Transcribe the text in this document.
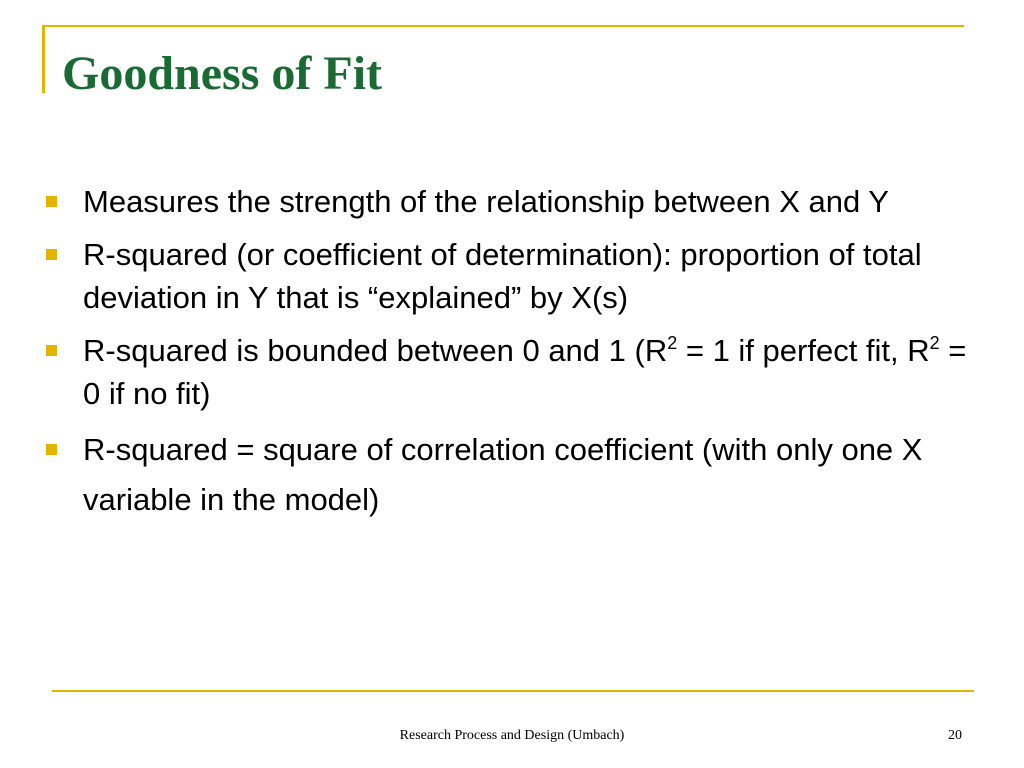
Goodness of Fit
Measures the strength of the relationship between X and Y
R-squared (or coefficient of determination): proportion of total deviation in Y that is “explained” by X(s)
R-squared is bounded between 0 and 1 ($R^2 = 1$ if perfect fit, $R^2 = 0$ if no fit)
R-squared = square of correlation coefficient (with only one X variable in the model)
Research Process and Design (Umbach)	20
